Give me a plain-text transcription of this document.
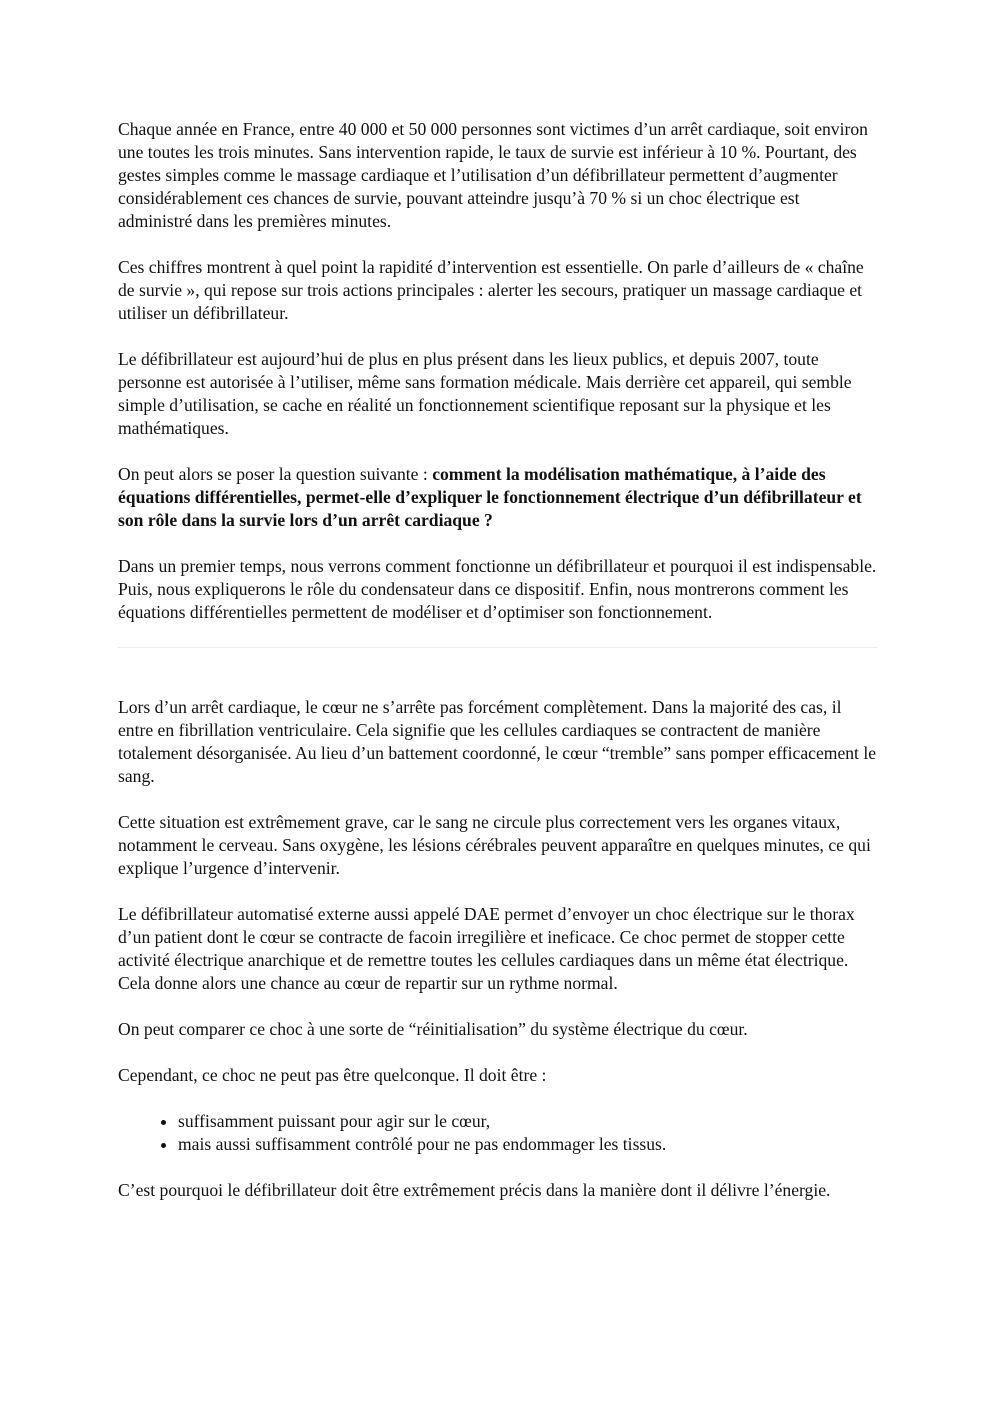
Chaque année en France, entre 40 000 et 50 000 personnes sont victimes d’un arrêt cardiaque, soit environ une toutes les trois minutes. Sans intervention rapide, le taux de survie est inférieur à 10 %. Pourtant, des gestes simples comme le massage cardiaque et l’utilisation d’un défibrillateur permettent d’augmenter considérablement ces chances de survie, pouvant atteindre jusqu’à 70 % si un choc électrique est administré dans les premières minutes.

Ces chiffres montrent à quel point la rapidité d’intervention est essentielle. On parle d’ailleurs de « chaîne de survie », qui repose sur trois actions principales : alerter les secours, pratiquer un massage cardiaque et utiliser un défibrillateur.

Le défibrillateur est aujourd’hui de plus en plus présent dans les lieux publics, et depuis 2007, toute personne est autorisée à l’utiliser, même sans formation médicale. Mais derrière cet appareil, qui semble simple d’utilisation, se cache en réalité un fonctionnement scientifique reposant sur la physique et les mathématiques.

On peut alors se poser la question suivante : comment la modélisation mathématique, à l’aide des équations différentielles, permet-elle d’expliquer le fonctionnement électrique d’un défibrillateur et son rôle dans la survie lors d’un arrêt cardiaque ?

Dans un premier temps, nous verrons comment fonctionne un défibrillateur et pourquoi il est indispensable. Puis, nous expliquerons le rôle du condensateur dans ce dispositif. Enfin, nous montrerons comment les équations différentielles permettent de modéliser et d’optimiser son fonctionnement.

Lors d’un arrêt cardiaque, le cœur ne s’arrête pas forcément complètement. Dans la majorité des cas, il entre en fibrillation ventriculaire. Cela signifie que les cellules cardiaques se contractent de manière totalement désorganisée. Au lieu d’un battement coordonné, le cœur “tremble” sans pomper efficacement le sang.

Cette situation est extrêmement grave, car le sang ne circule plus correctement vers les organes vitaux, notamment le cerveau. Sans oxygène, les lésions cérébrales peuvent apparaître en quelques minutes, ce qui explique l’urgence d’intervenir.

Le défibrillateur automatisé externe aussi appelé DAE permet d’envoyer un choc électrique sur le thorax d’un patient dont le cœur se contracte de facoin irregilière et ineficace. Ce choc permet de stopper cette activité électrique anarchique et de remettre toutes les cellules cardiaques dans un même état électrique. Cela donne alors une chance au cœur de repartir sur un rythme normal.

On peut comparer ce choc à une sorte de “réinitialisation” du système électrique du cœur.

Cependant, ce choc ne peut pas être quelconque. Il doit être :

• suffisamment puissant pour agir sur le cœur,
• mais aussi suffisamment contrôlé pour ne pas endommager les tissus.

C’est pourquoi le défibrillateur doit être extrêmement précis dans la manière dont il délivre l’énergie.
